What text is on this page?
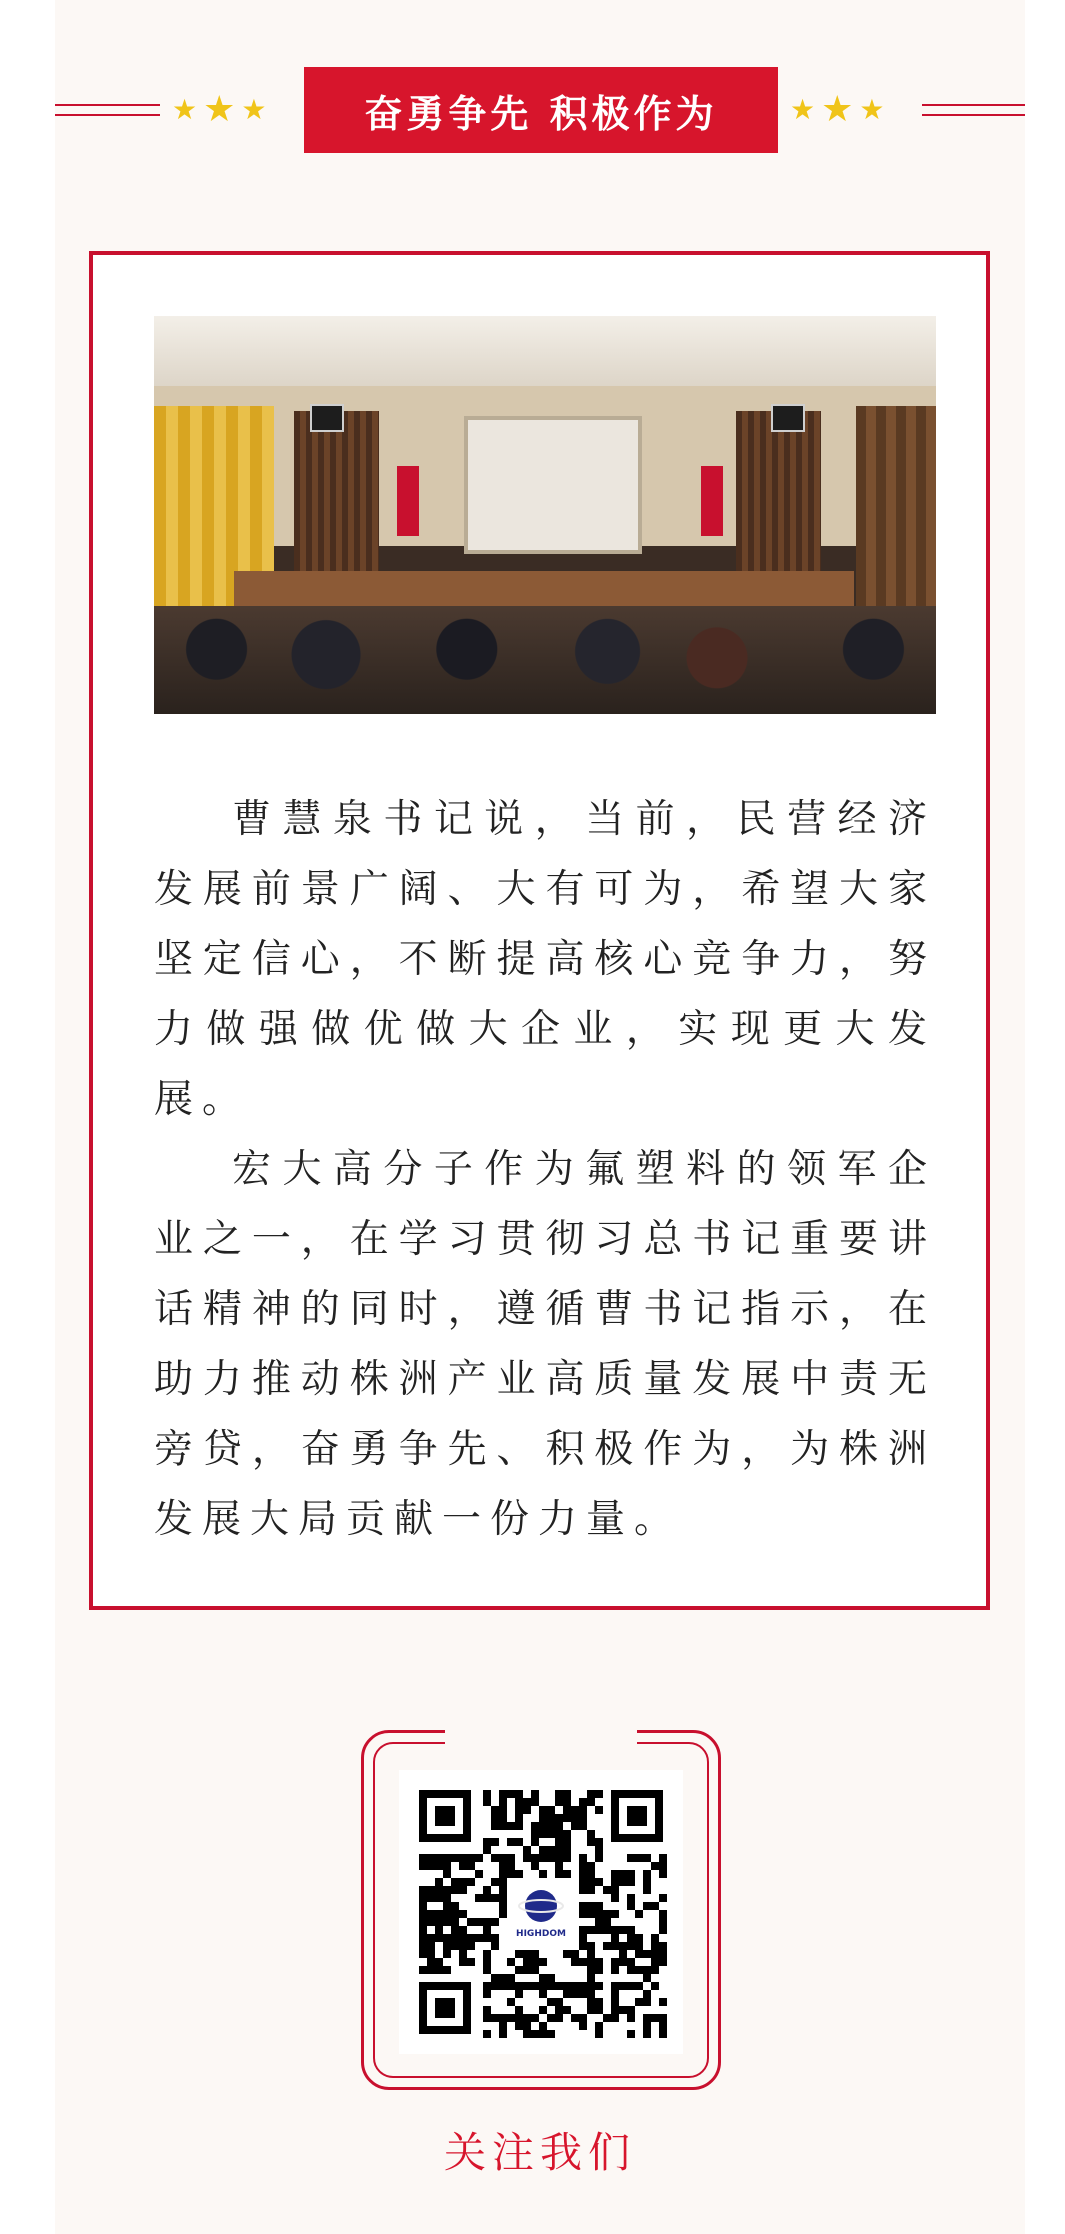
★ ★ ★	★ ★ ★
奋勇争先 积极作为

曹慧泉书记说，当前，民营经济发展前景广阔、大有可为，希望大家坚定信心，不断提高核心竞争力，努力做强做优做大企业，实现更大发展。

宏大高分子作为氟塑料的领军企业之一，在学习贯彻习总书记重要讲话精神的同时，遵循曹书记指示，在助力推动株洲产业高质量发展中责无旁贷，奋勇争先、积极作为，为株洲发展大局贡献一份力量。

HIGHDOM
关注我们
